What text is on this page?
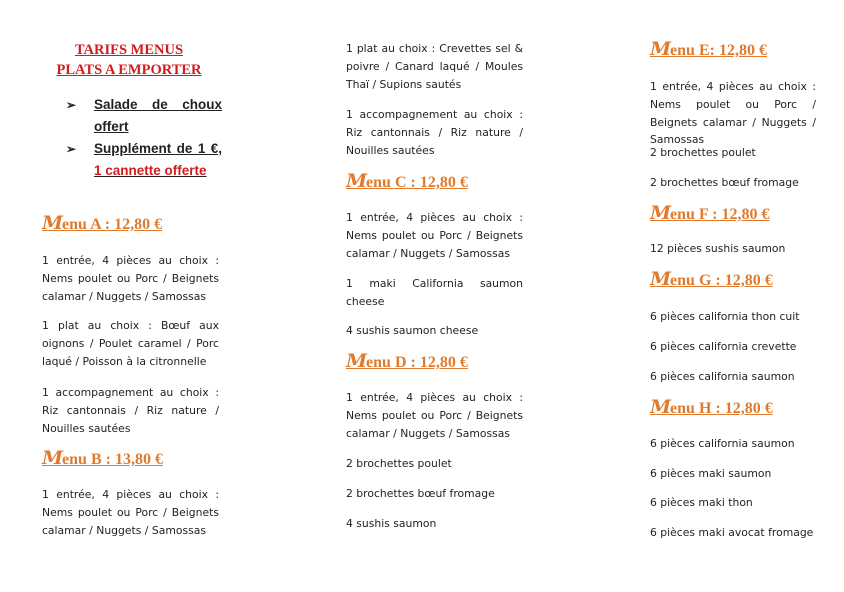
TARIFS MENUS

PLATS A EMPORTER

➢	Salade de choux offert
➢	Supplément de 1 €, 1 cannette offerte
Menu A : 12,80 €

1 entrée, 4 pièces au choix : Nems poulet ou Porc / Beignets calamar / Nuggets / Samossas

1 plat au choix : Bœuf aux oignons / Poulet caramel / Porc laqué / Poisson à la citronnelle

1 accompagnement au choix : Riz cantonnais / Riz nature / Nouilles sautées

Menu B : 13,80 €

1 entrée, 4 pièces au choix : Nems poulet ou Porc / Beignets calamar / Nuggets / Samossas

1 plat au choix : Crevettes sel & poivre / Canard laqué / Moules Thaï / Supions sautés

1 accompagnement au choix : Riz cantonnais / Riz nature / Nouilles sautées

Menu C : 12,80 €

1 entrée, 4 pièces au choix : Nems poulet ou Porc / Beignets calamar / Nuggets / Samossas

1 maki California saumon cheese

4 sushis saumon cheese

Menu D : 12,80 €

1 entrée, 4 pièces au choix : Nems poulet ou Porc / Beignets calamar / Nuggets / Samossas

2 brochettes poulet

2 brochettes bœuf fromage

4 sushis saumon

Menu E: 12,80 €

1 entrée, 4 pièces au choix : Nems poulet ou Porc / Beignets calamar / Nuggets / Samossas

2 brochettes poulet

2 brochettes bœuf fromage

Menu F : 12,80 €

12 pièces sushis saumon

Menu G : 12,80 €

6 pièces california thon cuit

6 pièces california crevette

6 pièces california saumon

Menu H : 12,80 €

6 pièces california saumon

6 pièces maki saumon

6 pièces maki thon

6 pièces maki avocat fromage
